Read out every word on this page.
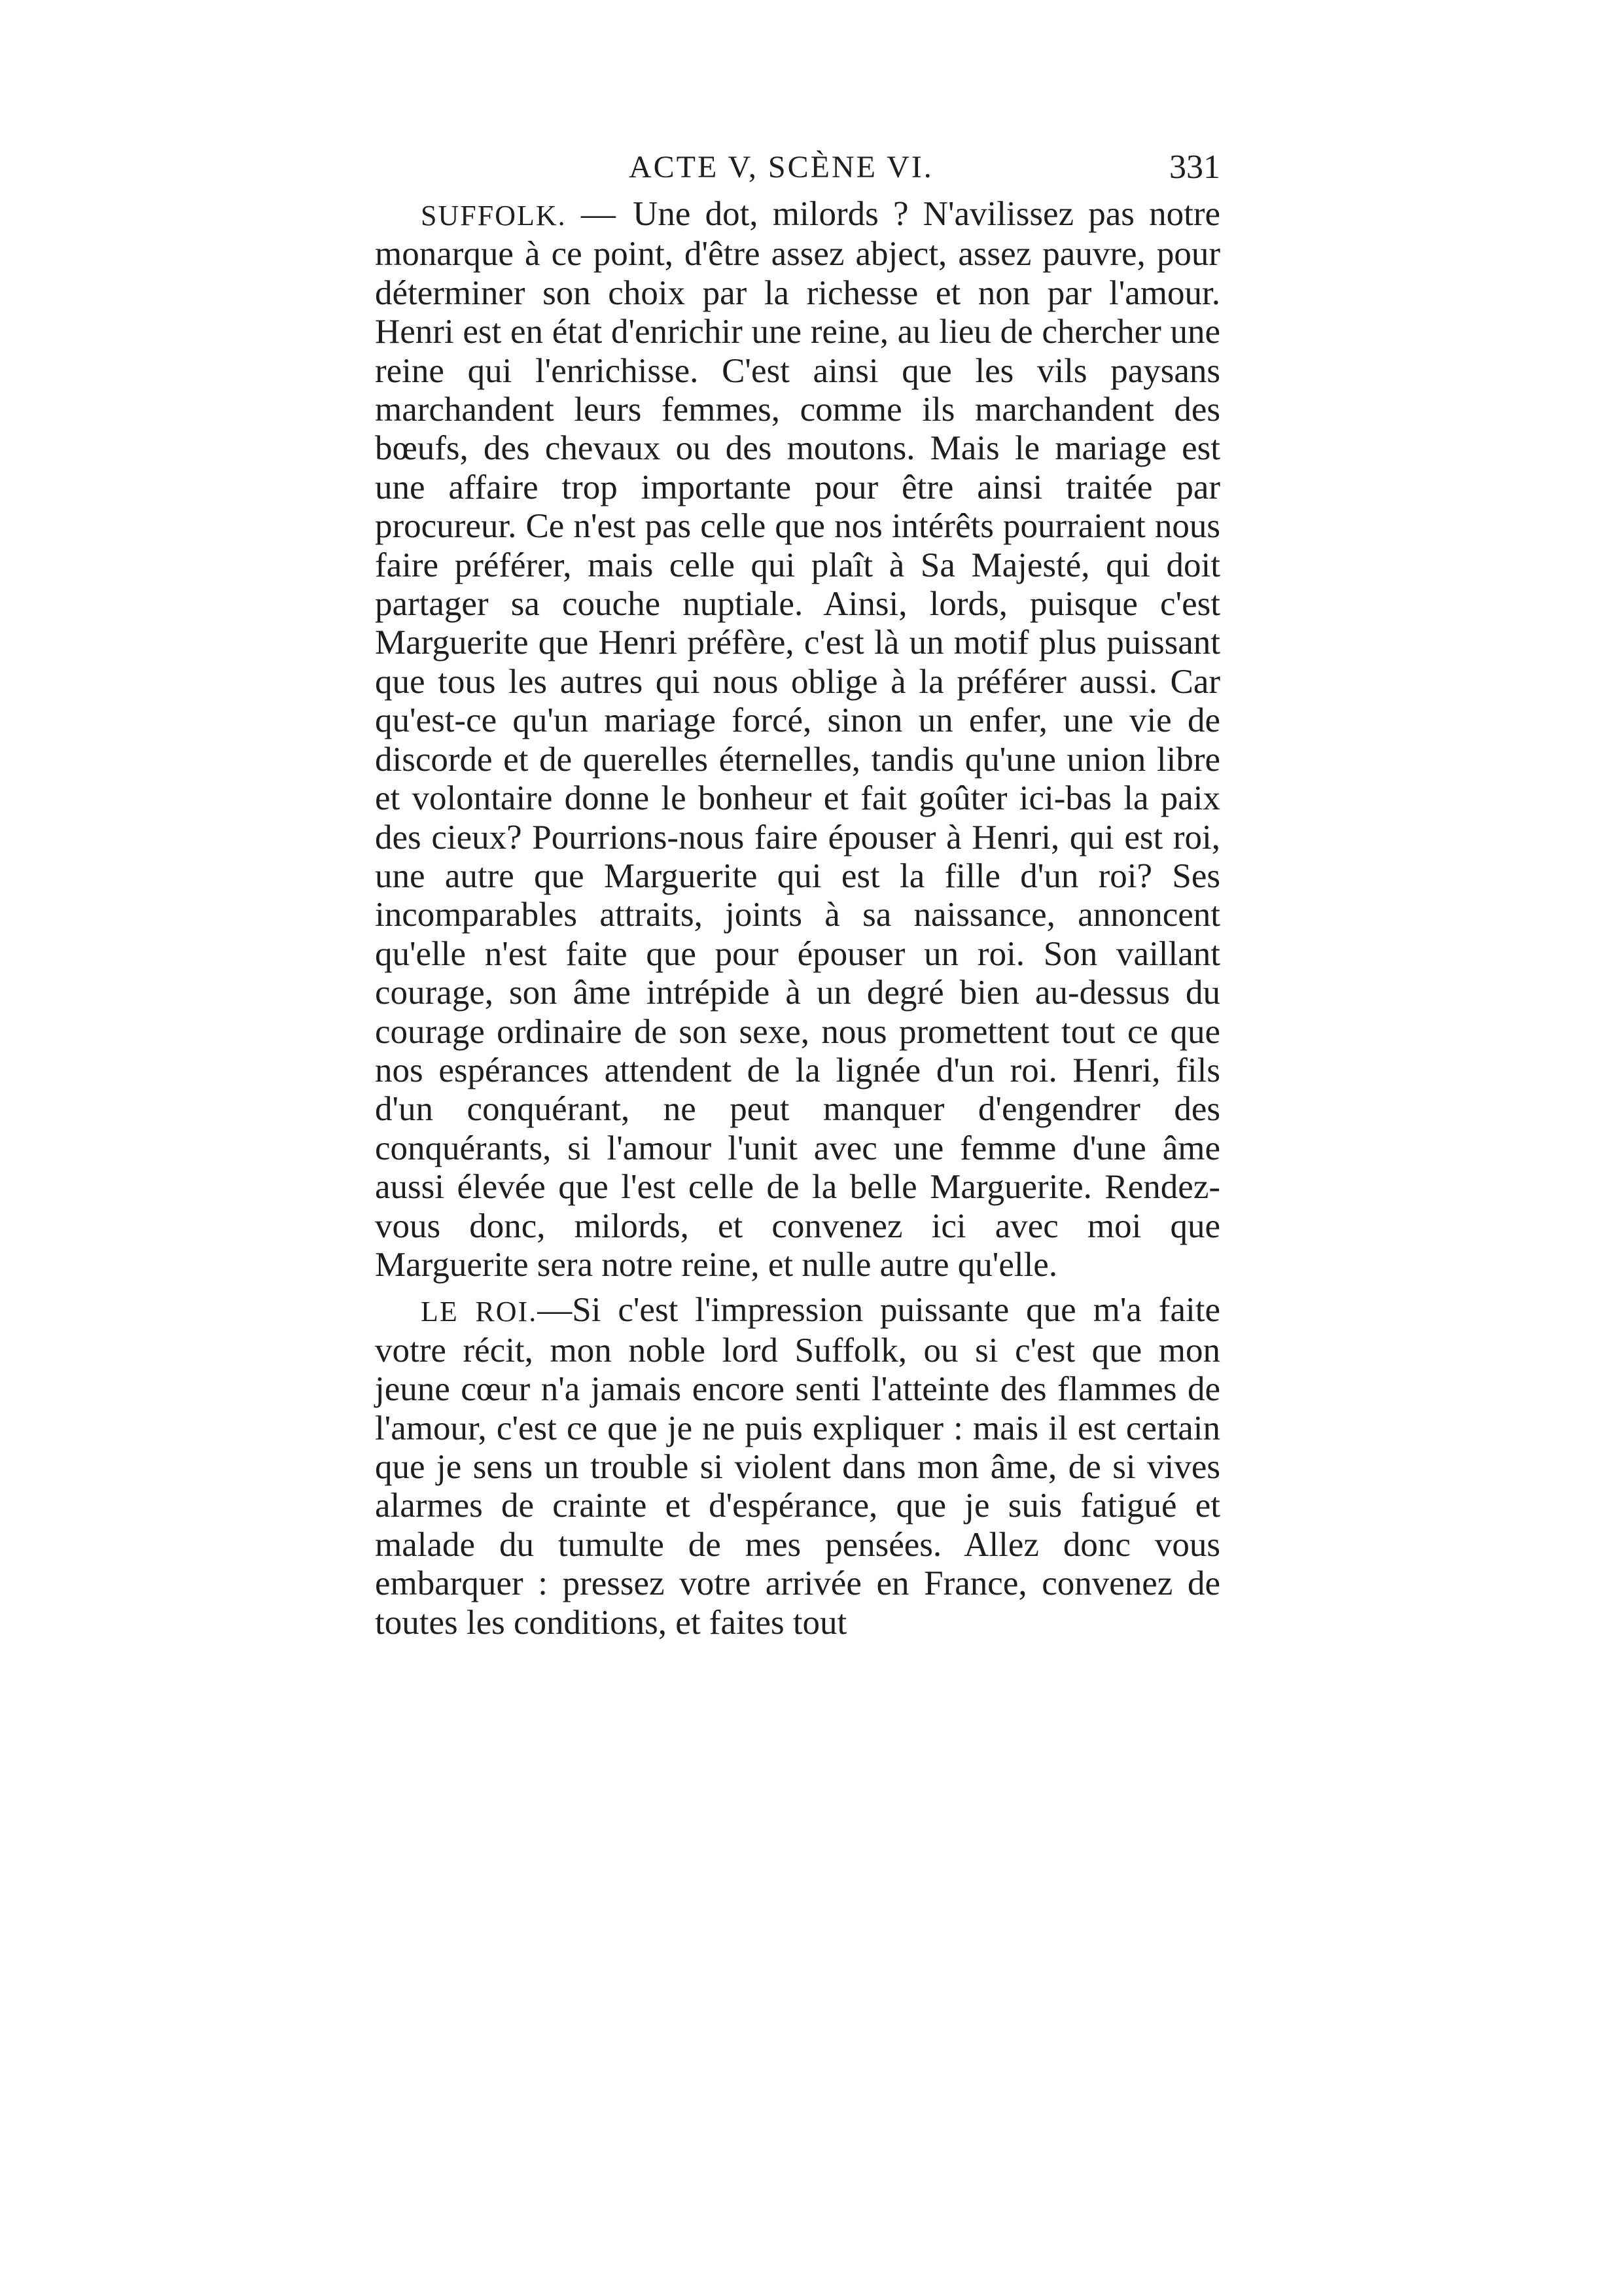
ACTE V, SCÈNE VI.	331

SUFFOLK. — Une dot, milords ? N'avilissez pas notre monarque à ce point, d'être assez abject, assez pauvre, pour déterminer son choix par la richesse et non par l'amour. Henri est en état d'enrichir une reine, au lieu de chercher une reine qui l'enrichisse. C'est ainsi que les vils paysans marchandent leurs femmes, comme ils marchandent des bœufs, des chevaux ou des moutons. Mais le mariage est une affaire trop importante pour être ainsi traitée par procureur. Ce n'est pas celle que nos intérêts pourraient nous faire préférer, mais celle qui plaît à Sa Majesté, qui doit partager sa couche nuptiale. Ainsi, lords, puisque c'est Marguerite que Henri préfère, c'est là un motif plus puissant que tous les autres qui nous oblige à la préférer aussi. Car qu'est-ce qu'un mariage forcé, sinon un enfer, une vie de discorde et de querelles éternelles, tandis qu'une union libre et volontaire donne le bonheur et fait goûter ici-bas la paix des cieux? Pourrions-nous faire épouser à Henri, qui est roi, une autre que Marguerite qui est la fille d'un roi? Ses incomparables attraits, joints à sa naissance, annoncent qu'elle n'est faite que pour épouser un roi. Son vaillant courage, son âme intrépide à un degré bien au-dessus du courage ordinaire de son sexe, nous promettent tout ce que nos espérances attendent de la lignée d'un roi. Henri, fils d'un conquérant, ne peut manquer d'engendrer des conquérants, si l'amour l'unit avec une femme d'une âme aussi élevée que l'est celle de la belle Marguerite. Rendez-vous donc, milords, et convenez ici avec moi que Marguerite sera notre reine, et nulle autre qu'elle.

LE ROI.—Si c'est l'impression puissante que m'a faite votre récit, mon noble lord Suffolk, ou si c'est que mon jeune cœur n'a jamais encore senti l'atteinte des flammes de l'amour, c'est ce que je ne puis expliquer : mais il est certain que je sens un trouble si violent dans mon âme, de si vives alarmes de crainte et d'espérance, que je suis fatigué et malade du tumulte de mes pensées. Allez donc vous embarquer : pressez votre arrivée en France, convenez de toutes les conditions, et faites tout
